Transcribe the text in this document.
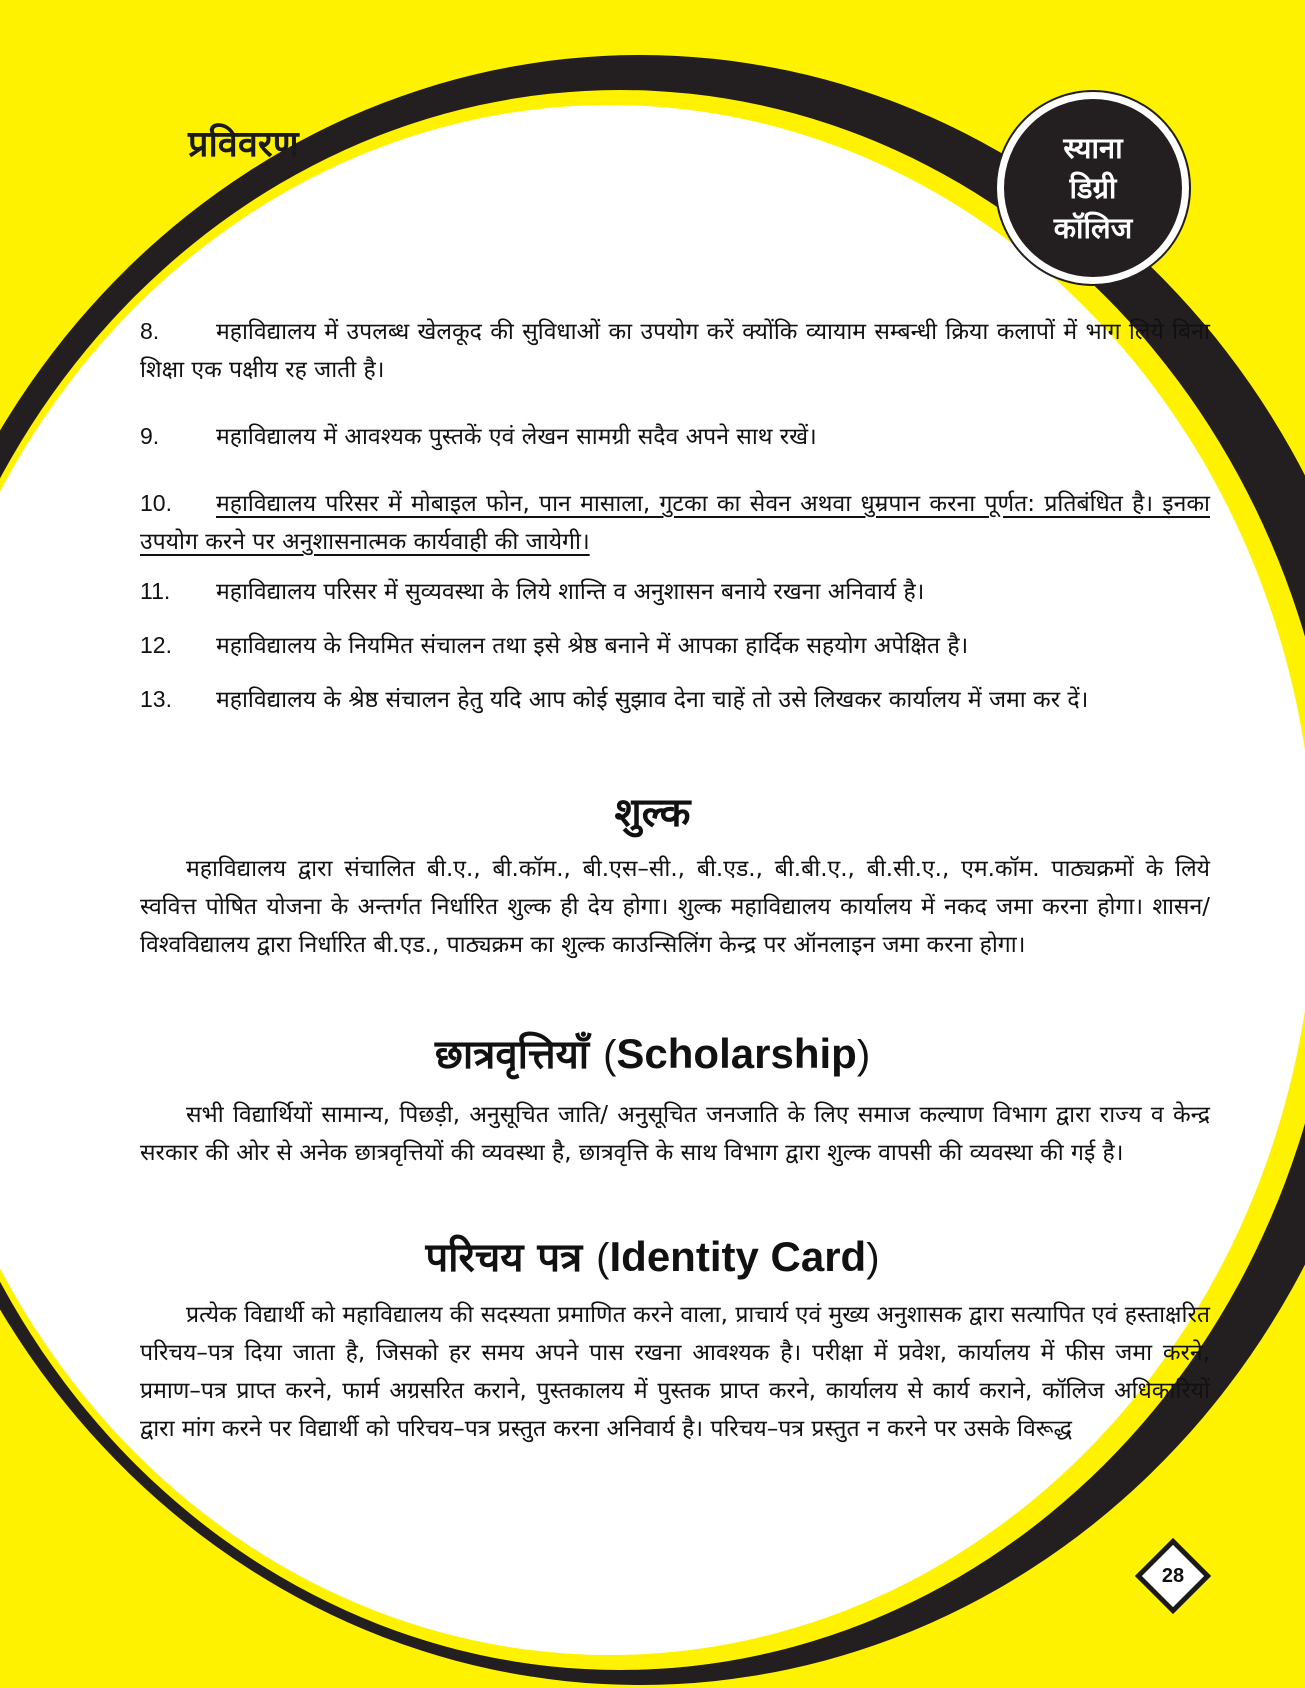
प्रविवरण	स्याना
डिग्री
कॉलिज
8. महाविद्यालय में उपलब्ध खेलकूद की सुविधाओं का उपयोग करें क्योंकि व्यायाम सम्बन्धी क्रिया कलापों में भाग लिये बिना शिक्षा एक पक्षीय रह जाती है।
9. महाविद्यालय में आवश्यक पुस्तकें एवं लेखन सामग्री सदैव अपने साथ रखें।
10. महाविद्यालय परिसर में मोबाइल फोन, पान मासाला, गुटका का सेवन अथवा धुम्रपान करना पूर्णत: प्रतिबंधित है। इनका उपयोग करने पर अनुशासनात्मक कार्यवाही की जायेगी।
11. महाविद्यालय परिसर में सुव्यवस्था के लिये शान्ति व अनुशासन बनाये रखना अनिवार्य है।
12. महाविद्यालय के नियमित संचालन तथा इसे श्रेष्ठ बनाने में आपका हार्दिक सहयोग अपेक्षित है।
13. महाविद्यालय के श्रेष्ठ संचालन हेतु यदि आप कोई सुझाव देना चाहें तो उसे लिखकर कार्यालय में जमा कर दें।
शुल्क
महाविद्यालय द्वारा संचालित बी.ए., बी.कॉम., बी.एस–सी., बी.एड., बी.बी.ए., बी.सी.ए., एम.कॉम. पाठ्यक्रमों के लिये स्ववित्त पोषित योजना के अन्तर्गत निर्धारित शुल्क ही देय होगा। शुल्क महाविद्यालय कार्यालय में नकद जमा करना होगा। शासन/विश्वविद्यालय द्वारा निर्धारित बी.एड., पाठ्यक्रम का शुल्क काउन्सिलिंग केन्द्र पर ऑनलाइन जमा करना होगा।
छात्रवृत्तियाँ (Scholarship)
सभी विद्यार्थियों सामान्य, पिछड़ी, अनुसूचित जाति/ अनुसूचित जनजाति के लिए समाज कल्याण विभाग द्वारा राज्य व केन्द्र सरकार की ओर से अनेक छात्रवृत्तियों की व्यवस्था है, छात्रवृत्ति के साथ विभाग द्वारा शुल्क वापसी की व्यवस्था की गई है।
परिचय पत्र (Identity Card)
प्रत्येक विद्यार्थी को महाविद्यालय की सदस्यता प्रमाणित करने वाला, प्राचार्य एवं मुख्य अनुशासक द्वारा सत्यापित एवं हस्ताक्षरित परिचय–पत्र दिया जाता है, जिसको हर समय अपने पास रखना आवश्यक है। परीक्षा में प्रवेश, कार्यालय में फीस जमा करने, प्रमाण–पत्र प्राप्त करने, फार्म अग्रसरित कराने, पुस्तकालय में पुस्तक प्राप्त करने, कार्यालय से कार्य कराने, कॉलिज अधिकारियों द्वारा मांग करने पर विद्यार्थी को परिचय–पत्र प्रस्तुत करना अनिवार्य है। परिचय–पत्र प्रस्तुत न करने पर उसके विरूद्ध
28
